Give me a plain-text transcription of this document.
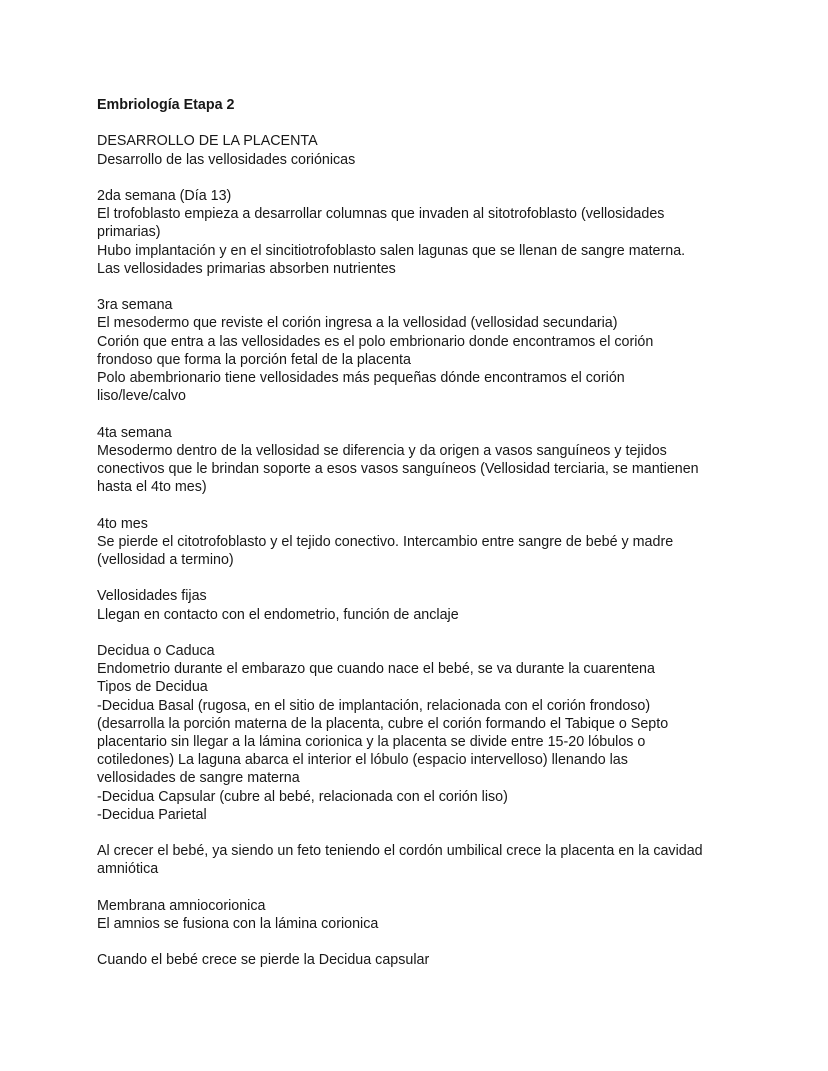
Embriología Etapa 2
DESARROLLO DE LA PLACENTA
Desarrollo de las vellosidades coriónicas
2da semana (Día 13)
El trofoblasto empieza a desarrollar columnas que invaden al sitotrofoblasto (vellosidades
primarias)
Hubo implantación y en el sincitiotrofoblasto salen lagunas que se llenan de sangre materna.
Las vellosidades primarias absorben nutrientes
3ra semana
El mesodermo que reviste el corión ingresa a la vellosidad (vellosidad secundaria)
Corión que entra a las vellosidades es el polo embrionario donde encontramos el corión
frondoso que forma la porción fetal de la placenta
Polo abembrionario tiene vellosidades más pequeñas dónde encontramos el corión
liso/leve/calvo
4ta semana
Mesodermo dentro de la vellosidad se diferencia y da origen a vasos sanguíneos y tejidos
conectivos que le brindan soporte a esos vasos sanguíneos (Vellosidad terciaria, se mantienen
hasta el 4to mes)
4to mes
Se pierde el citotrofoblasto y el tejido conectivo. Intercambio entre sangre de bebé y madre
(vellosidad a termino)
Vellosidades fijas
Llegan en contacto con el endometrio, función de anclaje
Decidua o Caduca
Endometrio durante el embarazo que cuando nace el bebé, se va durante la cuarentena
Tipos de Decidua
-Decidua Basal (rugosa, en el sitio de implantación, relacionada con el corión frondoso)
(desarrolla la porción materna de la placenta, cubre el corión formando el Tabique o Septo
placentario sin llegar a la lámina corionica y la placenta se divide entre 15-20 lóbulos o
cotiledones) La laguna abarca el interior el lóbulo (espacio intervelloso) llenando las
vellosidades de sangre materna
-Decidua Capsular (cubre al bebé, relacionada con el corión liso)
-Decidua Parietal
Al crecer el bebé, ya siendo un feto teniendo el cordón umbilical crece la placenta en la cavidad
amniótica
Membrana amniocorionica
El amnios se fusiona con la lámina corionica
Cuando el bebé crece se pierde la Decidua capsular
